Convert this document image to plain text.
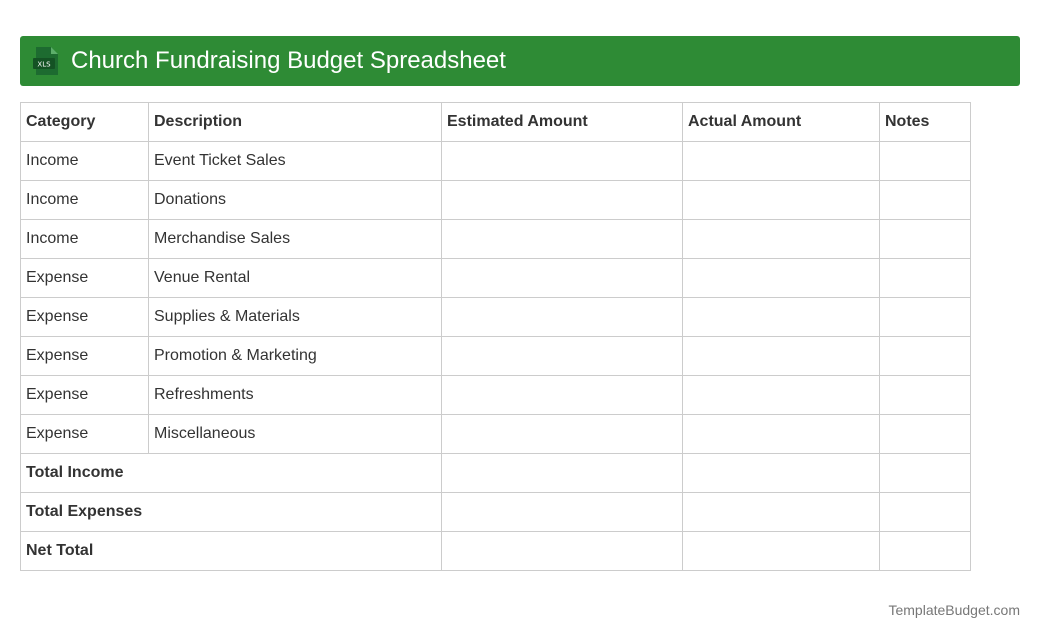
XLS Church Fundraising Budget Spreadsheet
Category	Description	Estimated Amount	Actual Amount	Notes
Income	Event Ticket Sales			
Income	Donations			
Income	Merchandise Sales			
Expense	Venue Rental			
Expense	Supplies & Materials			
Expense	Promotion & Marketing			
Expense	Refreshments			
Expense	Miscellaneous			
Total Income				
Total Expenses				
Net Total				
TemplateBudget.com
